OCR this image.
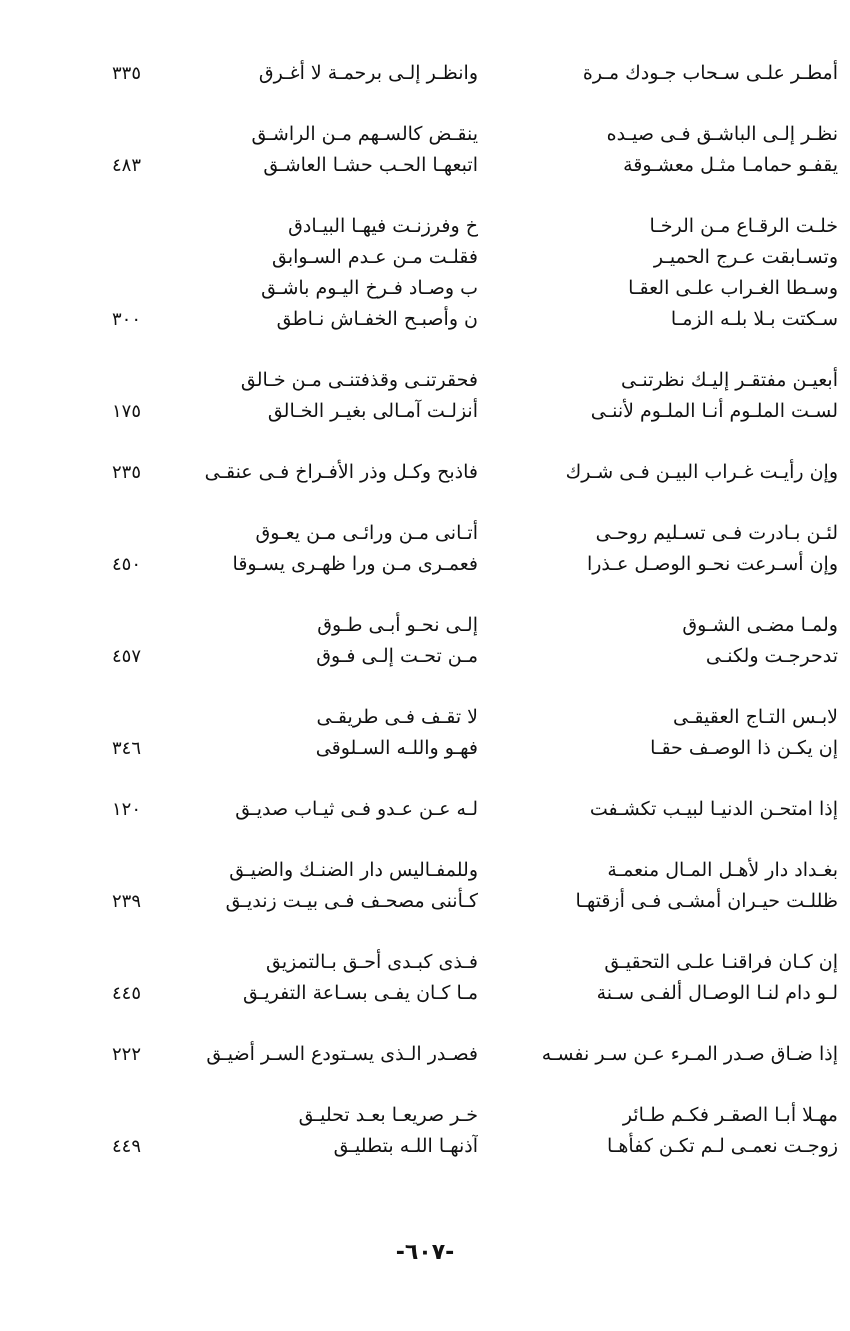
أمطـر علـى سـحاب جـودك مـرة
وانظـر إلـى برحمـة لا أغـرق
٣٣٥
نظـر إلـى الباشـق فـى صيـده
ينقـض كالسـهم مـن الراشـق
يقفـو حمامـا مثـل معشـوقة
اتبعهـا الحـب حشـا العاشـق
٤٨٣
خلـت الرقـاع مـن الرخـا
خ وفرزنـت فيهـا البيـادق
وتسـابقت عـرج الحميـر
فقلـت مـن عـدم السـوابق
وسـطا الغـراب علـى العقـا
ب وصـاد فـرخ اليـوم باشـق
سـكتت بـلا بلـه الزمـا
ن وأصبـح الخفـاش نـاطق
٣٠٠
أبعيـن مفتقـر إليـك نظرتنـى
فحقرتنـى وقذفتنـى مـن خـالق
لسـت الملـوم أنـا الملـوم لأننـى
أنزلـت آمـالى بغيـر الخـالق
١٧٥
وإن رأيـت غـراب البيـن فـى شـرك
فاذبح وكـل وذر الأفـراخ فـى عنقـى
٢٣٥
لئـن بـادرت فـى تسـليم روحـى
أتـانى مـن ورائـى مـن يعـوق
وإن أسـرعت نحـو الوصـل عـذرا
فعمـرى مـن ورا ظهـرى يسـوقا
٤٥٠
ولمـا مضـى الشـوق
إلـى نحـو أبـى طـوق
تدحرجـت ولكنـى
مـن تحـت إلـى فـوق
٤٥٧
لابـس التـاج العقيقـى
لا تقـف فـى طريقـى
إن يكـن ذا الوصـف حقـا
فهـو واللـه السـلوقى
٣٤٦
إذا امتحـن الدنيـا لبيـب تكشـفت
لـه عـن عـدو فـى ثيـاب صديـق
١٢٠
بغـداد دار لأهـل المـال منعمـة
وللمفـاليس دار الضنـك والضيـق
ظللـت حيـران أمشـى فـى أزقتهـا
كـأننى مصحـف فـى بيـت زنديـق
٢٣٩
إن كـان فراقنـا علـى التحقيـق
فـذى كبـدى أحـق بـالتمزيق
لـو دام لنـا الوصـال ألفـى سـنة
مـا كـان يفـى بسـاعة التفريـق
٤٤٥
إذا ضـاق صـدر المـرء عـن سـر نفسـه
فصـدر الـذى يسـتودع السـر أضيـق
٢٢٢
مهـلا أبـا الصقـر فكـم طـائر
خـر صريعـا بعـد تحليـق
زوجـت نعمـى لـم تكـن كفأهـا
آذنهـا اللـه بتطليـق
٤٤٩
-٦٠٧-
